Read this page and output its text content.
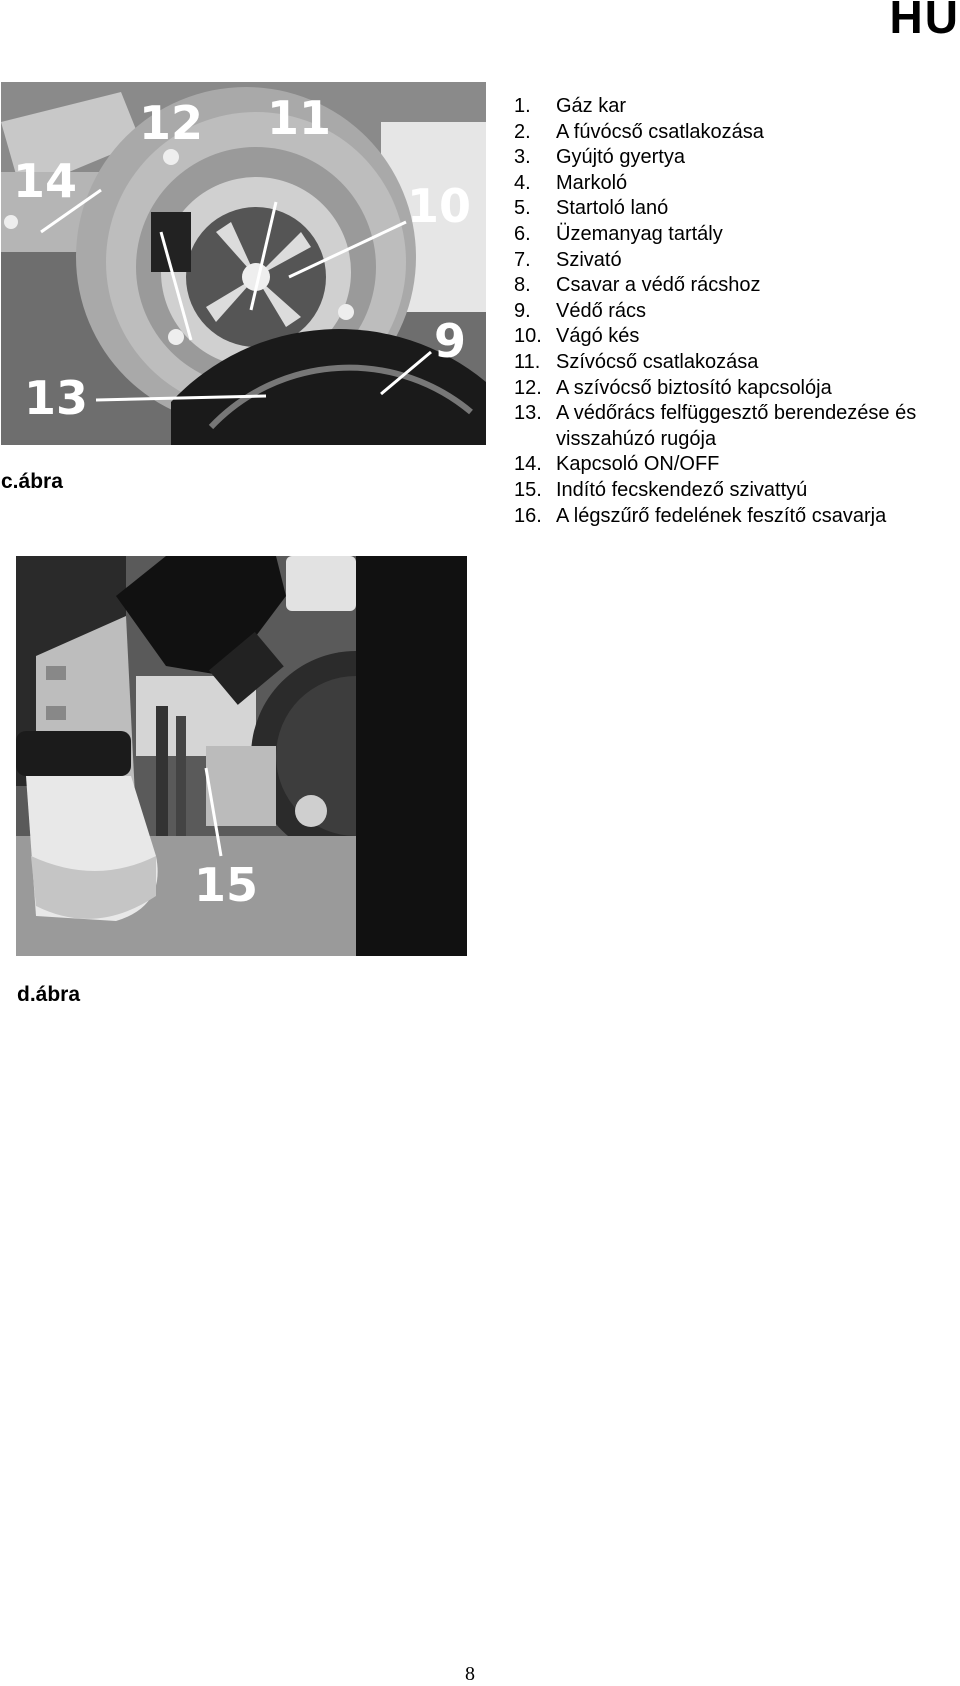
HU
11
12
14	10
9
13
c.ábra
1.	Gáz kar
2.	A fúvócső csatlakozása
3.	Gyújtó gyertya
4.	Markoló
5.	Startoló lanó
6.	Üzemanyag tartály
7.	Szivató
8.	Csavar a védő rácshoz
9.	Védő rács
10. Vágó kés
11. Szívócső csatlakozása
12. A szívócső biztosító kapcsolója
13. A védőrács felfüggesztő berendezése és visszahúzó rugója
14. Kapcsoló ON/OFF
15. Indító fecskendező szivattyú
16. A légszűrő fedelének feszítő csavarja
15
d.ábra
8
